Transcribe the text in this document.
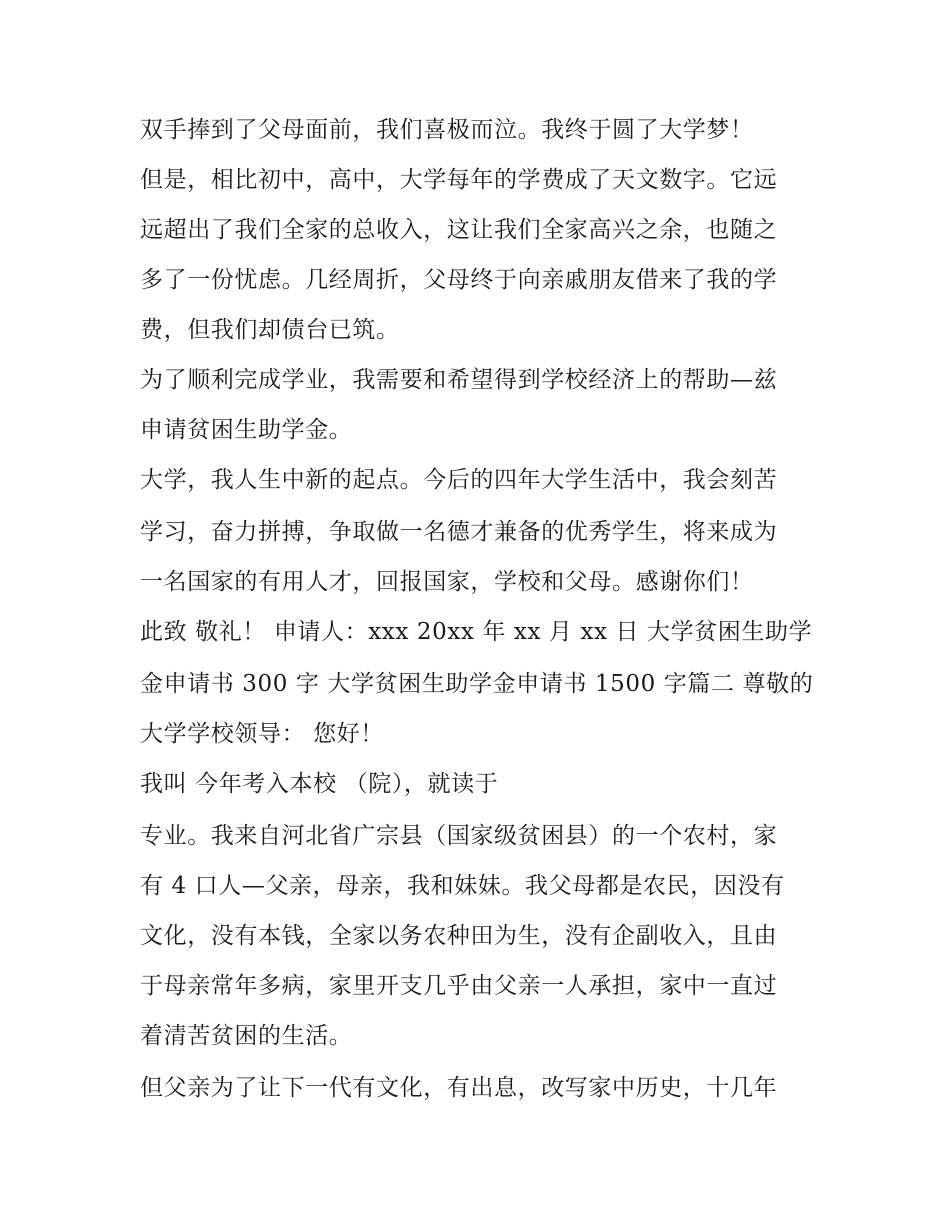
双手捧到了父母面前，我们喜极而泣。我终于圆了大学梦！
但是，相比初中，高中，大学每年的学费成了天文数字。它远
远超出了我们全家的总收入，这让我们全家高兴之余，也随之
多了一份忧虑。几经周折，父母终于向亲戚朋友借来了我的学
费，但我们却债台已筑。
为了顺利完成学业，我需要和希望得到学校经济上的帮助—兹
申请贫困生助学金。
大学，我人生中新的起点。今后的四年大学生活中，我会刻苦
学习，奋力拼搏，争取做一名德才兼备的优秀学生，将来成为
一名国家的有用人才，回报国家，学校和父母。感谢你们！
此致 敬礼！ 申请人：xxx 20xx 年 xx 月 xx 日 大学贫困生助学
金申请书 300 字 大学贫困生助学金申请书 1500 字篇二 尊敬的
大学学校领导： 您好！
我叫 今年考入本校 （院），就读于
专业。我来自河北省广宗县（国家级贫困县）的一个农村，家
有 4 口人—父亲，母亲，我和妹妹。我父母都是农民，因没有
文化，没有本钱，全家以务农种田为生，没有企副收入，且由
于母亲常年多病，家里开支几乎由父亲一人承担，家中一直过
着清苦贫困的生活。
但父亲为了让下一代有文化，有出息，改写家中历史，十几年
